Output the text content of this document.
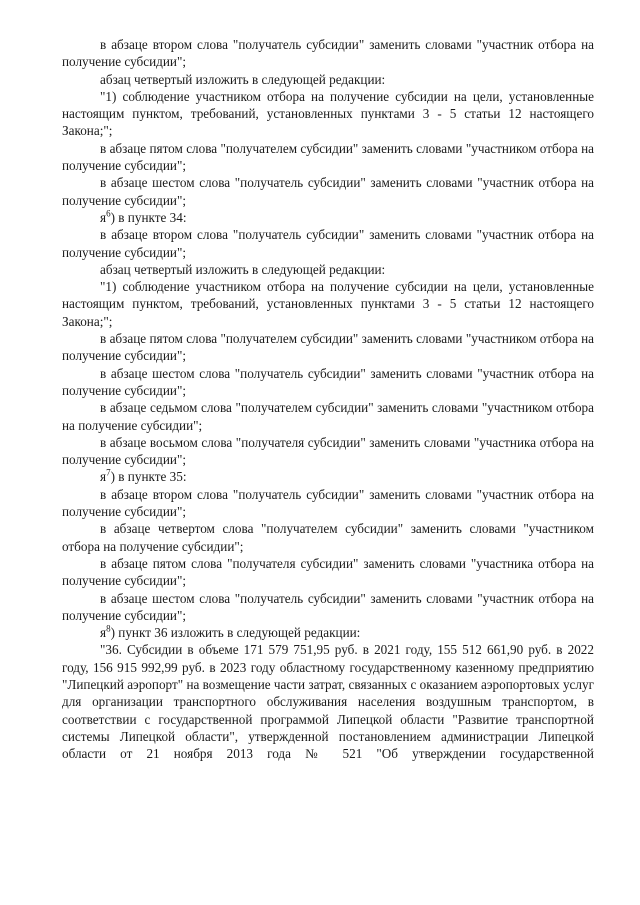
в абзаце втором слова "получатель субсидии" заменить словами "участник отбора на получение субсидии";

абзац четвертый изложить в следующей редакции:

"1) соблюдение участником отбора на получение субсидии на цели, установленные настоящим пунктом, требований, установленных пунктами 3 - 5 статьи 12 настоящего Закона;";

в абзаце пятом слова "получателем субсидии" заменить словами "участником отбора на получение субсидии";

в абзаце шестом слова "получатель субсидии" заменить словами "участник отбора на получение субсидии";

$я^6$) в пункте 34:

в абзаце втором слова "получатель субсидии" заменить словами "участник отбора на получение субсидии";

абзац четвертый изложить в следующей редакции:

"1) соблюдение участником отбора на получение субсидии на цели, установленные настоящим пунктом, требований, установленных пунктами 3 - 5 статьи 12 настоящего Закона;";

в абзаце пятом слова "получателем субсидии" заменить словами "участником отбора на получение субсидии";

в абзаце шестом слова "получатель субсидии" заменить словами "участник отбора на получение субсидии";

в абзаце седьмом слова "получателем субсидии" заменить словами "участником отбора на получение субсидии";

в абзаце восьмом слова "получателя субсидии" заменить словами "участника отбора на получение субсидии";

$я^7$) в пункте 35:

в абзаце втором слова "получатель субсидии" заменить словами "участник отбора на получение субсидии";

в абзаце четвертом слова "получателем субсидии" заменить словами "участником отбора на получение субсидии";

в абзаце пятом слова "получателя субсидии" заменить словами "участника отбора на получение субсидии";

в абзаце шестом слова "получатель субсидии" заменить словами "участник отбора на получение субсидии";

$я^8$) пункт 36 изложить в следующей редакции:

"36. Субсидии в объеме 171 579 751,95 руб. в 2021 году, 155 512 661,90 руб. в 2022 году, 156 915 992,99 руб. в 2023 году областному государственному казенному предприятию "Липецкий аэропорт" на возмещение части затрат, связанных с оказанием аэропортовых услуг для организации транспортного обслуживания населения воздушным транспортом, в соответствии с государственной программой Липецкой области "Развитие транспортной системы Липецкой области", утвержденной постановлением администрации Липецкой области от 21 ноября 2013 года № 521 "Об утверждении государственной
